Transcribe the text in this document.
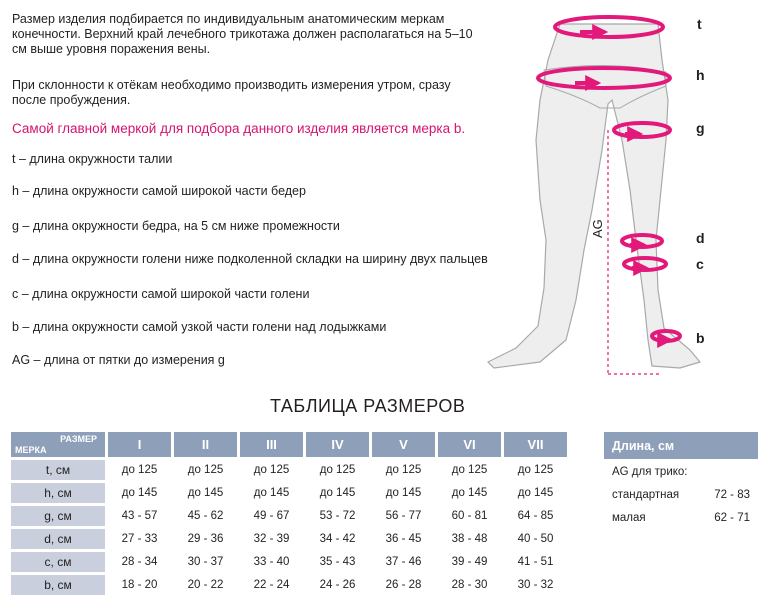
Размер изделия подбирается по индивидуальным анатомическим меркам конечности. Верхний край лечебного трикотажа должен располагаться на 5–10 см выше уровня поражения вены.

При склонности к отёкам необходимо производить измерения утром, сразу после пробуждения.

Самой главной меркой для подбора данного изделия является мерка b.

t – длина окружности талии

h – длина окружности самой широкой части бедер

g – длина окружности бедра, на 5 см ниже промежности

d – длина окружности голени ниже подколенной складки на ширину двух пальцев

c – длина окружности самой широкой части голени

b – длина окружности самой узкой части голени над лодыжками

AG – длина от пятки до измерения g

t
h
g
d
c
b
AG

ТАБЛИЦА РАЗМЕРОВ

РАЗМЕР
МЕРКА	I	II	III	IV	V	VI	VII
t, см	до 125	до 125	до 125	до 125	до 125	до 125	до 125
h, см	до 145	до 145	до 145	до 145	до 145	до 145	до 145
g, см	43 - 57	45 - 62	49 - 67	53 - 72	56 - 77	60 - 81	64 - 85
d, см	27 - 33	29 - 36	32 - 39	34 - 42	36 - 45	38 - 48	40 - 50
c, см	28 - 34	30 - 37	33 - 40	35 - 43	37 - 46	39 - 49	41 - 51
b, см	18 - 20	20 - 22	22 - 24	24 - 26	26 - 28	28 - 30	30 - 32
Длина, см
AG для трико:

стандартная	72 - 83

малая	62 - 71
